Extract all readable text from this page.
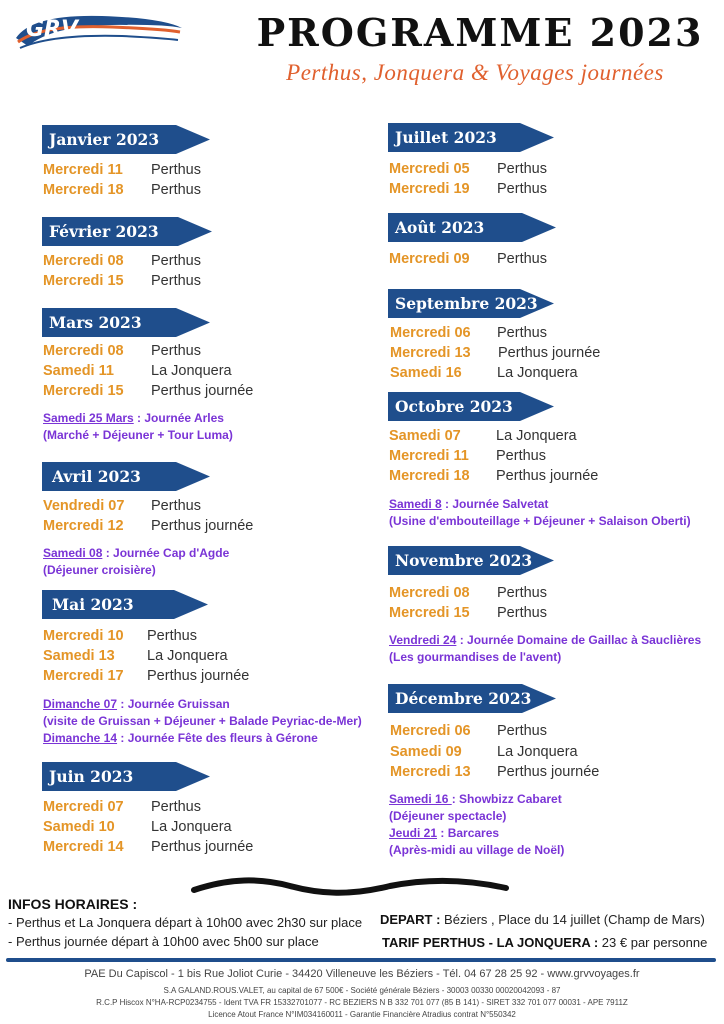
GRV
Voyages	PROGRAMME 2023
Perthus, Jonquera & Voyages journées
Janvier 2023
Mercredi 11 Perthus
Mercredi 18 Perthus
Février 2023
Mercredi 08 Perthus
Mercredi 15 Perthus
Mars 2023
Mercredi 08 Perthus
Samedi 11	La Jonquera
Mercredi 15 Perthus journée
Samedi 25 Mars : Journée Arles
(Marché + Déjeuner + Tour Luma)
Avril 2023
Vendredi 07 Perthus
Mercredi 12 Perthus journée
Samedi 08 : Journée Cap d'Agde
(Déjeuner croisière)
Mai 2023
Mercredi 10 Perthus
Samedi 13 La Jonquera
Mercredi 17 Perthus journée
Dimanche 07 : Journée Gruissan
(visite de Gruissan + Déjeuner + Balade Peyriac-de-Mer)
Dimanche 14 : Journée Fête des fleurs à Gérone
Juin 2023
Mercredi 07 Perthus
Samedi 10	La Jonquera
Mercredi 14 Perthus journée
Juillet 2023
Mercredi 05 Perthus
Mercredi 19 Perthus
Août 2023
Mercredi 09 Perthus
Septembre 2023
Mercredi 06 Perthus
Mercredi 13 Perthus journée
Samedi 16 La Jonquera
Octobre 2023
Samedi 07 La Jonquera
Mercredi 11 Perthus
Mercredi 18 Perthus journée
Samedi 8 : Journée Salvetat
(Usine d'embouteillage + Déjeuner + Salaison Oberti)
Novembre 2023
Mercredi 08 Perthus
Mercredi 15 Perthus
Vendredi 24 : Journée Domaine de Gaillac à Sauclières
(Les gourmandises de l'avent)
Décembre 2023
Mercredi 06 Perthus
Samedi 09 La Jonquera
Mercredi 13 Perthus journée
Samedi 16 : Showbizz Cabaret
(Déjeuner spectacle)
Jeudi 21 : Barcares
(Après-midi au village de Noël)
INFOS HORAIRES :
- Perthus et La Jonquera départ à 10h00 avec 2h30 sur place
- Perthus journée départ à 10h00 avec 5h00 sur place
DEPART : Béziers , Place du 14 juillet (Champ de Mars)
TARIF PERTHUS - LA JONQUERA : 23 € par personne
PAE Du Capiscol - 1 bis Rue Joliot Curie - 34420 Villeneuve les Béziers - Tél. 04 67 28 25 92 - www.grvvoyages.fr
S.A GALAND.ROUS.VALET, au capital de 67 500€ - Société générale Béziers - 30003 00330 00020042093 - 87
R.C.P Hiscox N°HA-RCP0234755 - Ident TVA FR 15332701077 - RC BEZIERS N B 332 701 077 (85 B 141) - SIRET 332 701 077 00031 - APE 7911Z
Licence Atout France N°IM034160011 - Garantie Financière Atradius contrat N°550342
